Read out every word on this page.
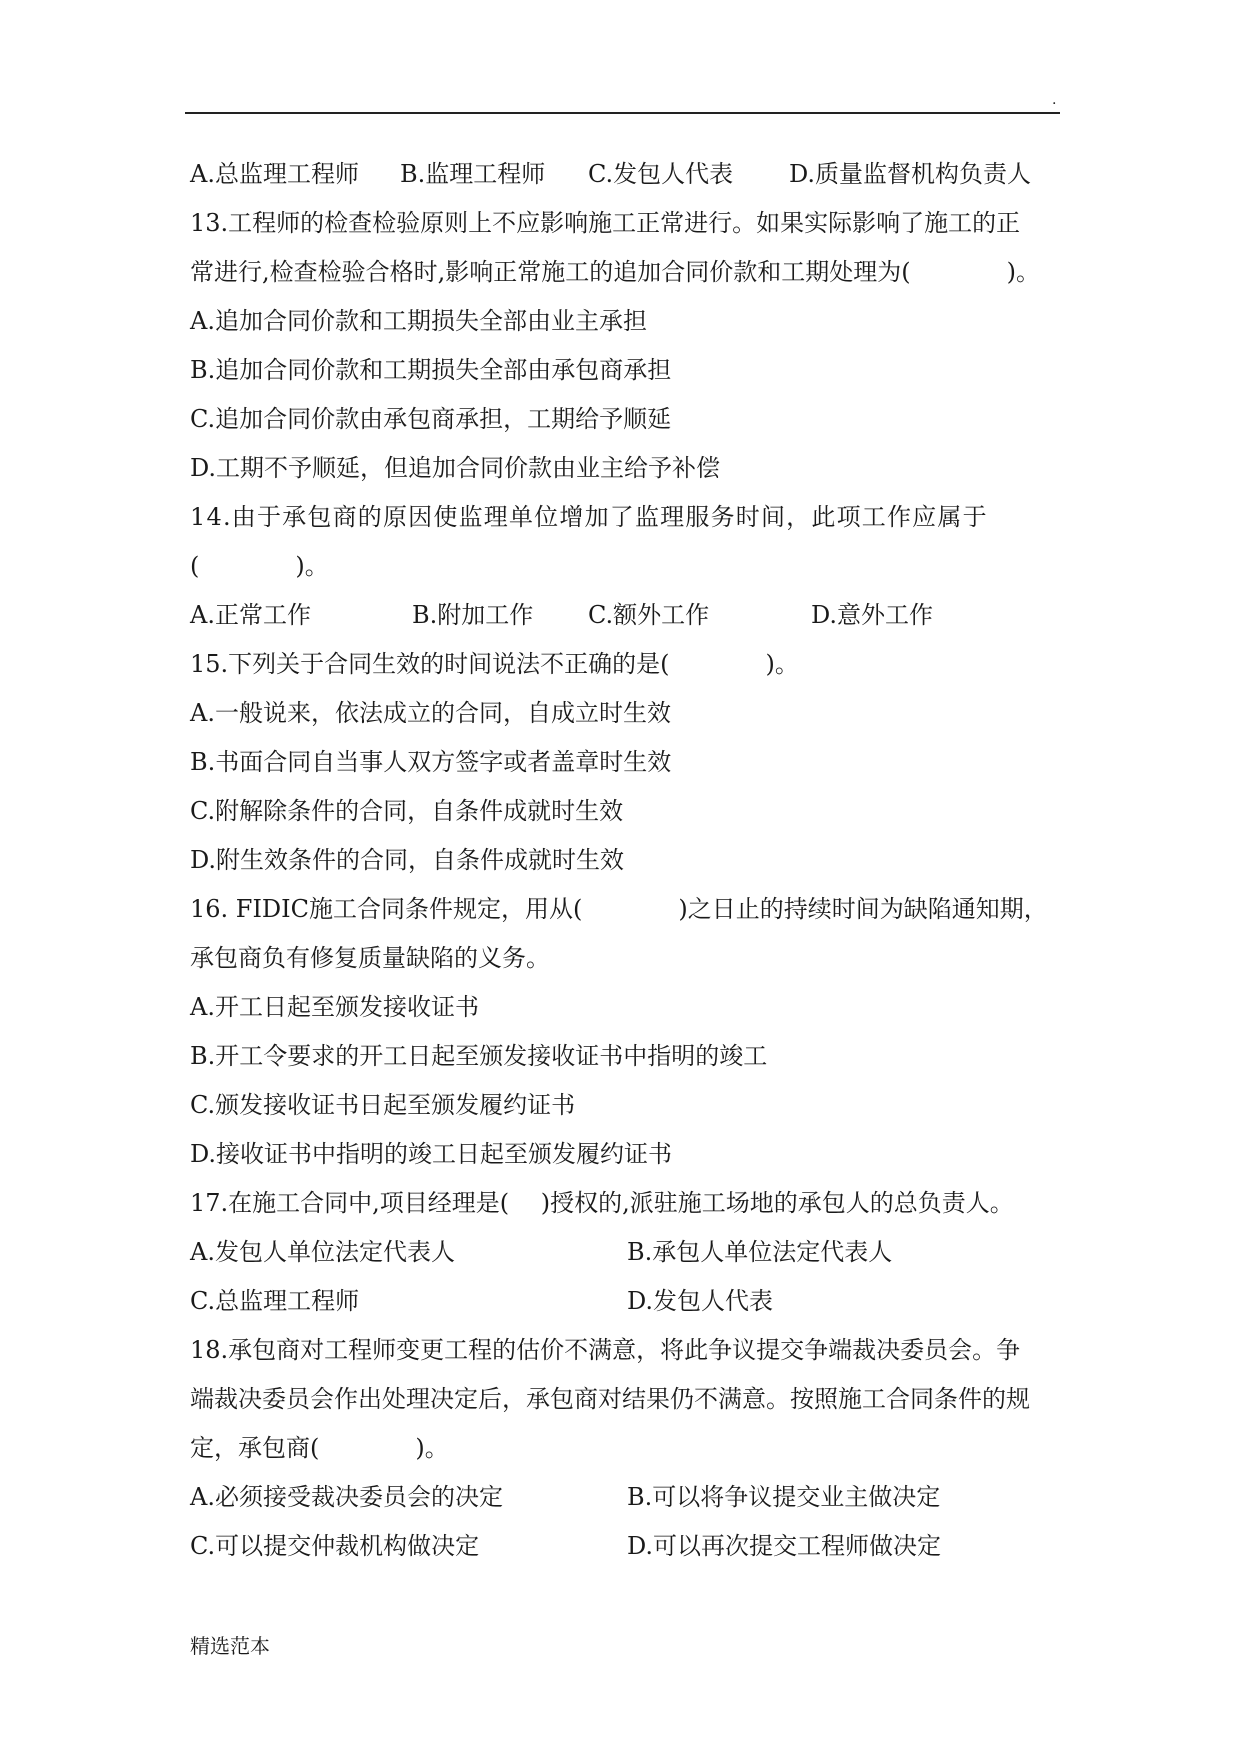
.
A.总监理工程师 B.监理工程师 C.发包人代表 D.质量监督机构负责人
13.工程师的检查检验原则上不应影响施工正常进行。如果实际影响了施工的正
常进行,检查检验合格时,影响正常施工的追加合同价款和工期处理为(　　　　)。
A.追加合同价款和工期损失全部由业主承担
B.追加合同价款和工期损失全部由承包商承担
C.追加合同价款由承包商承担，工期给予顺延
D.工期不予顺延，但追加合同价款由业主给予补偿
14.由于承包商的原因使监理单位增加了监理服务时间，此项工作应属于
(　　　　)。
A.正常工作	B.附加工作 C.额外工作	D.意外工作
15.下列关于合同生效的时间说法不正确的是(　　　　)。
A.一般说来，依法成立的合同，自成立时生效
B.书面合同自当事人双方签字或者盖章时生效
C.附解除条件的合同，自条件成就时生效
D.附生效条件的合同，自条件成就时生效
16. FIDIC施工合同条件规定，用从(　　　　)之日止的持续时间为缺陷通知期，
承包商负有修复质量缺陷的义务。
A.开工日起至颁发接收证书
B.开工令要求的开工日起至颁发接收证书中指明的竣工
C.颁发接收证书日起至颁发履约证书
D.接收证书中指明的竣工日起至颁发履约证书
17.在施工合同中,项目经理是(　 )授权的,派驻施工场地的承包人的总负责人。
A.发包人单位法定代表人	B.承包人单位法定代表人
C.总监理工程师	D.发包人代表
18.承包商对工程师变更工程的估价不满意，将此争议提交争端裁决委员会。争
端裁决委员会作出处理决定后，承包商对结果仍不满意。按照施工合同条件的规
定，承包商(　　　　)。
A.必须接受裁决委员会的决定	B.可以将争议提交业主做决定
C.可以提交仲裁机构做决定	D.可以再次提交工程师做决定
精选范本
